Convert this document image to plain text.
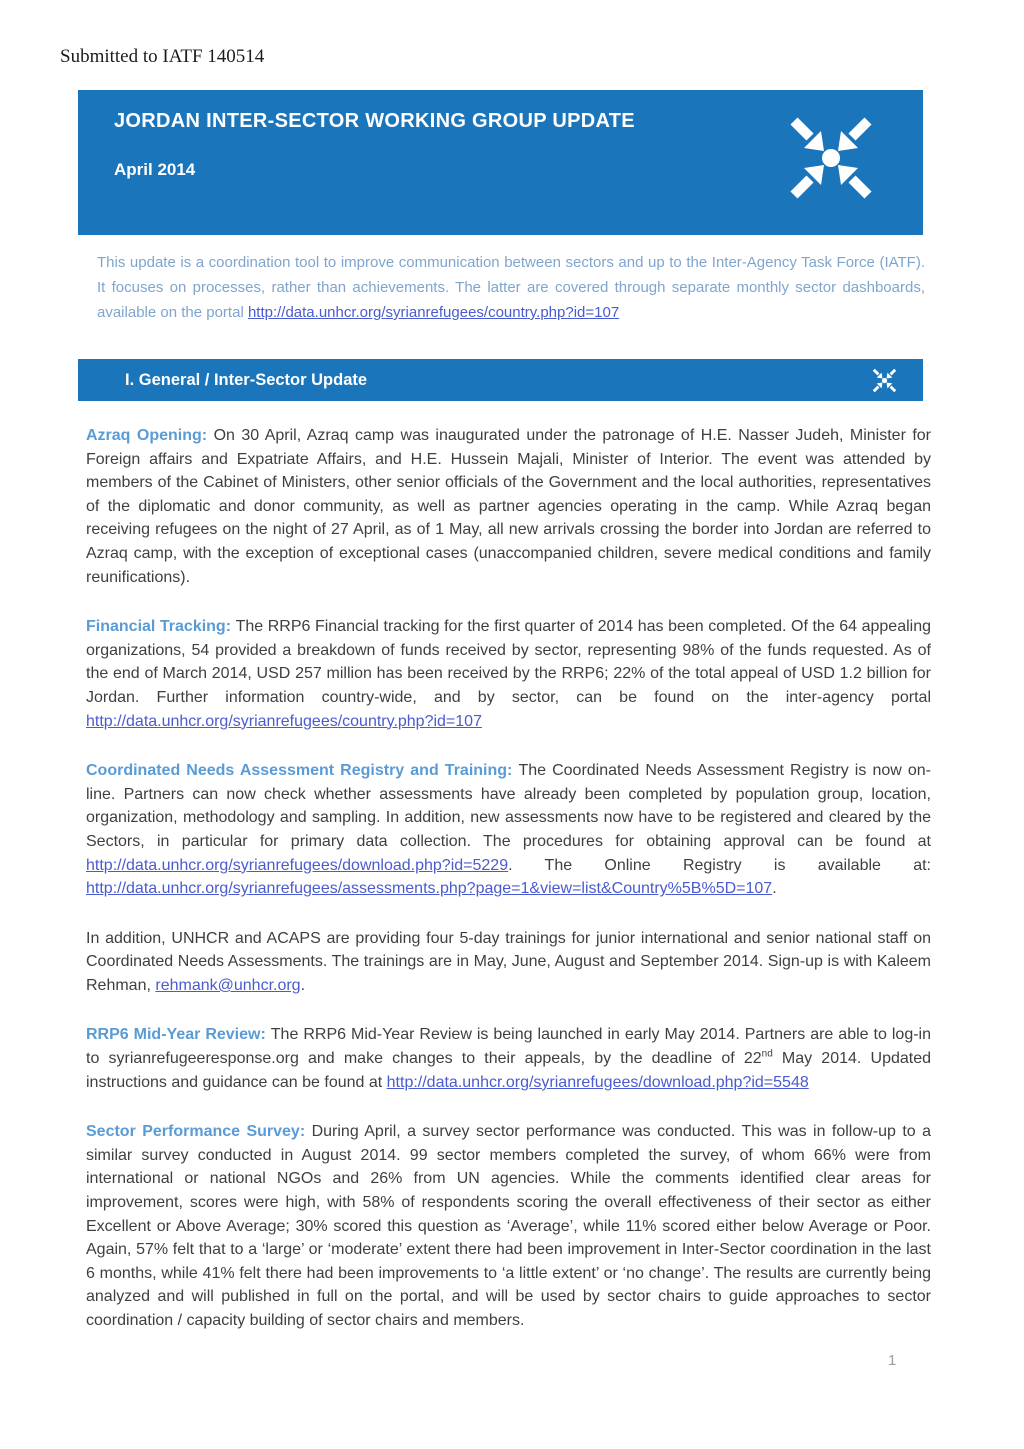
Submitted to IATF 140514
JORDAN INTER-SECTOR WORKING GROUP UPDATE
April 2014

This update is a coordination tool to improve communication between sectors and up to the Inter-Agency Task Force (IATF). It focuses on processes, rather than achievements. The latter are covered through separate monthly sector dashboards, available on the portal http://data.unhcr.org/syrianrefugees/country.php?id=107

I. General / Inter-Sector Update

Azraq Opening: On 30 April, Azraq camp was inaugurated under the patronage of H.E. Nasser Judeh, Minister for Foreign affairs and Expatriate Affairs, and H.E. Hussein Majali, Minister of Interior. The event was attended by members of the Cabinet of Ministers, other senior officials of the Government and the local authorities, representatives of the diplomatic and donor community, as well as partner agencies operating in the camp. While Azraq began receiving refugees on the night of 27 April, as of 1 May, all new arrivals crossing the border into Jordan are referred to Azraq camp, with the exception of exceptional cases (unaccompanied children, severe medical conditions and family reunifications).

Financial Tracking: The RRP6 Financial tracking for the first quarter of 2014 has been completed. Of the 64 appealing organizations, 54 provided a breakdown of funds received by sector, representing 98% of the funds requested. As of the end of March 2014, USD 257 million has been received by the RRP6; 22% of the total appeal of USD 1.2 billion for Jordan. Further information country-wide, and by sector, can be found on the inter-agency portal http://data.unhcr.org/syrianrefugees/country.php?id=107

Coordinated Needs Assessment Registry and Training: The Coordinated Needs Assessment Registry is now on-line. Partners can now check whether assessments have already been completed by population group, location, organization, methodology and sampling. In addition, new assessments now have to be registered and cleared by the Sectors, in particular for primary data collection. The procedures for obtaining approval can be found at http://data.unhcr.org/syrianrefugees/download.php?id=5229. The Online Registry is available at: http://data.unhcr.org/syrianrefugees/assessments.php?page=1&view=list&Country%5B%5D=107.

In addition, UNHCR and ACAPS are providing four 5-day trainings for junior international and senior national staff on Coordinated Needs Assessments. The trainings are in May, June, August and September 2014. Sign-up is with Kaleem Rehman, rehmank@unhcr.org.

RRP6 Mid-Year Review: The RRP6 Mid-Year Review is being launched in early May 2014. Partners are able to log-in to syrianrefugeeresponse.org and make changes to their appeals, by the deadline of 22nd May 2014. Updated instructions and guidance can be found at http://data.unhcr.org/syrianrefugees/download.php?id=5548

Sector Performance Survey: During April, a survey sector performance was conducted. This was in follow-up to a similar survey conducted in August 2014. 99 sector members completed the survey, of whom 66% were from international or national NGOs and 26% from UN agencies. While the comments identified clear areas for improvement, scores were high, with 58% of respondents scoring the overall effectiveness of their sector as either Excellent or Above Average; 30% scored this question as ‘Average’, while 11% scored either below Average or Poor. Again, 57% felt that to a ‘large’ or ‘moderate’ extent there had been improvement in Inter-Sector coordination in the last 6 months, while 41% felt there had been improvements to ‘a little extent’ or ‘no change’. The results are currently being analyzed and will published in full on the portal, and will be used by sector chairs to guide approaches to sector coordination / capacity building of sector chairs and members.

1
